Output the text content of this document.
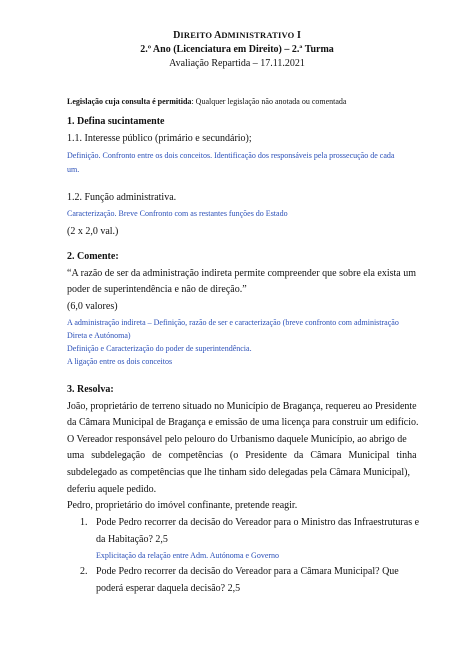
DIREITO ADMINISTRATIVO I
2.º Ano (Licenciatura em Direito) – 2.ª Turma
Avaliação Repartida – 17.11.2021
Legislação cuja consulta é permitida: Qualquer legislação não anotada ou comentada
1. Defina sucintamente
1.1. Interesse público (primário e secundário);
Definição. Confronto entre os dois conceitos. Identificação dos responsáveis pela prossecução de cada
um.
1.2. Função administrativa.
Caracterização. Breve Confronto com as restantes funções do Estado
(2 x 2,0 val.)
2. Comente:
“A razão de ser da administração indireta permite compreender que sobre ela exista um
poder de superintendência e não de direção.”
(6,0 valores)
A administração indireta – Definição, razão de ser e caracterização (breve confronto com administração
Direta e Autónoma)
Definição e Caracterização do poder de superintendência.
A ligação entre os dois conceitos
3. Resolva:
João, proprietário de terreno situado no Município de Bragança, requereu ao Presidente
da Câmara Municipal de Bragança e emissão de uma licença para construir um edifício.
O Vereador responsável pelo pelouro do Urbanismo daquele Município, ao abrigo de
uma subdelegação de competências (o Presidente da Câmara Municipal tinha
subdelegado as competências que lhe tinham sido delegadas pela Câmara Municipal),
deferiu aquele pedido.
Pedro, proprietário do imóvel confinante, pretende reagir.
1. Pode Pedro recorrer da decisão do Vereador para o Ministro das Infraestruturas e
da Habitação? 2,5
Explicitação da relação entre Adm. Autónoma e Governo
2. Pode Pedro recorrer da decisão do Vereador para a Câmara Municipal? Que
poderá esperar daquela decisão? 2,5
